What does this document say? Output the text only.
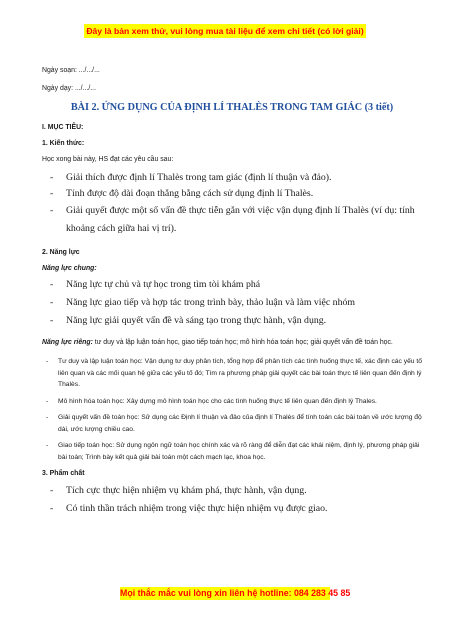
Đây là bản xem thử, vui lòng mua tài liệu để xem chi tiết (có lời giải)
Ngày soạn: .../.../...
Ngày dạy: .../.../...
BÀI 2. ỨNG DỤNG CỦA ĐỊNH LÍ THALÈS TRONG TAM GIÁC (3 tiết)
I. MỤC TIÊU:
1. Kiến thức:
Học xong bài này, HS đạt các yêu cầu sau:
- Giải thích được định lí Thalès trong tam giác (định lí thuận và đảo).
- Tính được độ dài đoạn thẳng bằng cách sử dụng định lí Thalès.
- Giải quyết được một số vấn đề thực tiễn gắn với việc vận dụng định lí Thalès (ví dụ: tính khoảng cách giữa hai vị trí).
2. Năng lực
Năng lực chung:
- Năng lực tự chủ và tự học trong tìm tòi khám phá
- Năng lực giao tiếp và hợp tác trong trình bày, thảo luận và làm việc nhóm
- Năng lực giải quyết vấn đề và sáng tạo trong thực hành, vận dụng.
Năng lực riêng: tư duy và lập luận toán học, giao tiếp toán học; mô hình hóa toán học; giải quyết vấn đề toán học.
- Tư duy và lập luận toán học: Vận dụng tư duy phân tích, tổng hợp để phân tích các tình huống thực tế, xác định các yếu tố liên quan và các mối quan hệ giữa các yếu tố đó; Tìm ra phương pháp giải quyết các bài toán thực tế liên quan đến định lý Thalès.
- Mô hình hóa toán học: Xây dựng mô hình toán học cho các tình huống thực tế liên quan đến định lý Thales.
- Giải quyết vấn đề toán học: Sử dụng các Định lí thuận và đảo của định lí Thalès để tính toán các bài toán về ước lượng độ dài, ước lượng chiều cao.
- Giao tiếp toán học: Sử dụng ngôn ngữ toán học chính xác và rõ ràng để diễn đạt các khái niệm, định lý, phương pháp giải bài toán; Trình bày kết quả giải bài toán một cách mạch lạc, khoa học.
3. Phẩm chất
- Tích cực thực hiện nhiệm vụ khám phá, thực hành, vận dụng.
- Có tinh thần trách nhiệm trong việc thực hiện nhiệm vụ được giao.
Mọi thắc mắc vui lòng xin liên hệ hotline: 084 283 45 85
